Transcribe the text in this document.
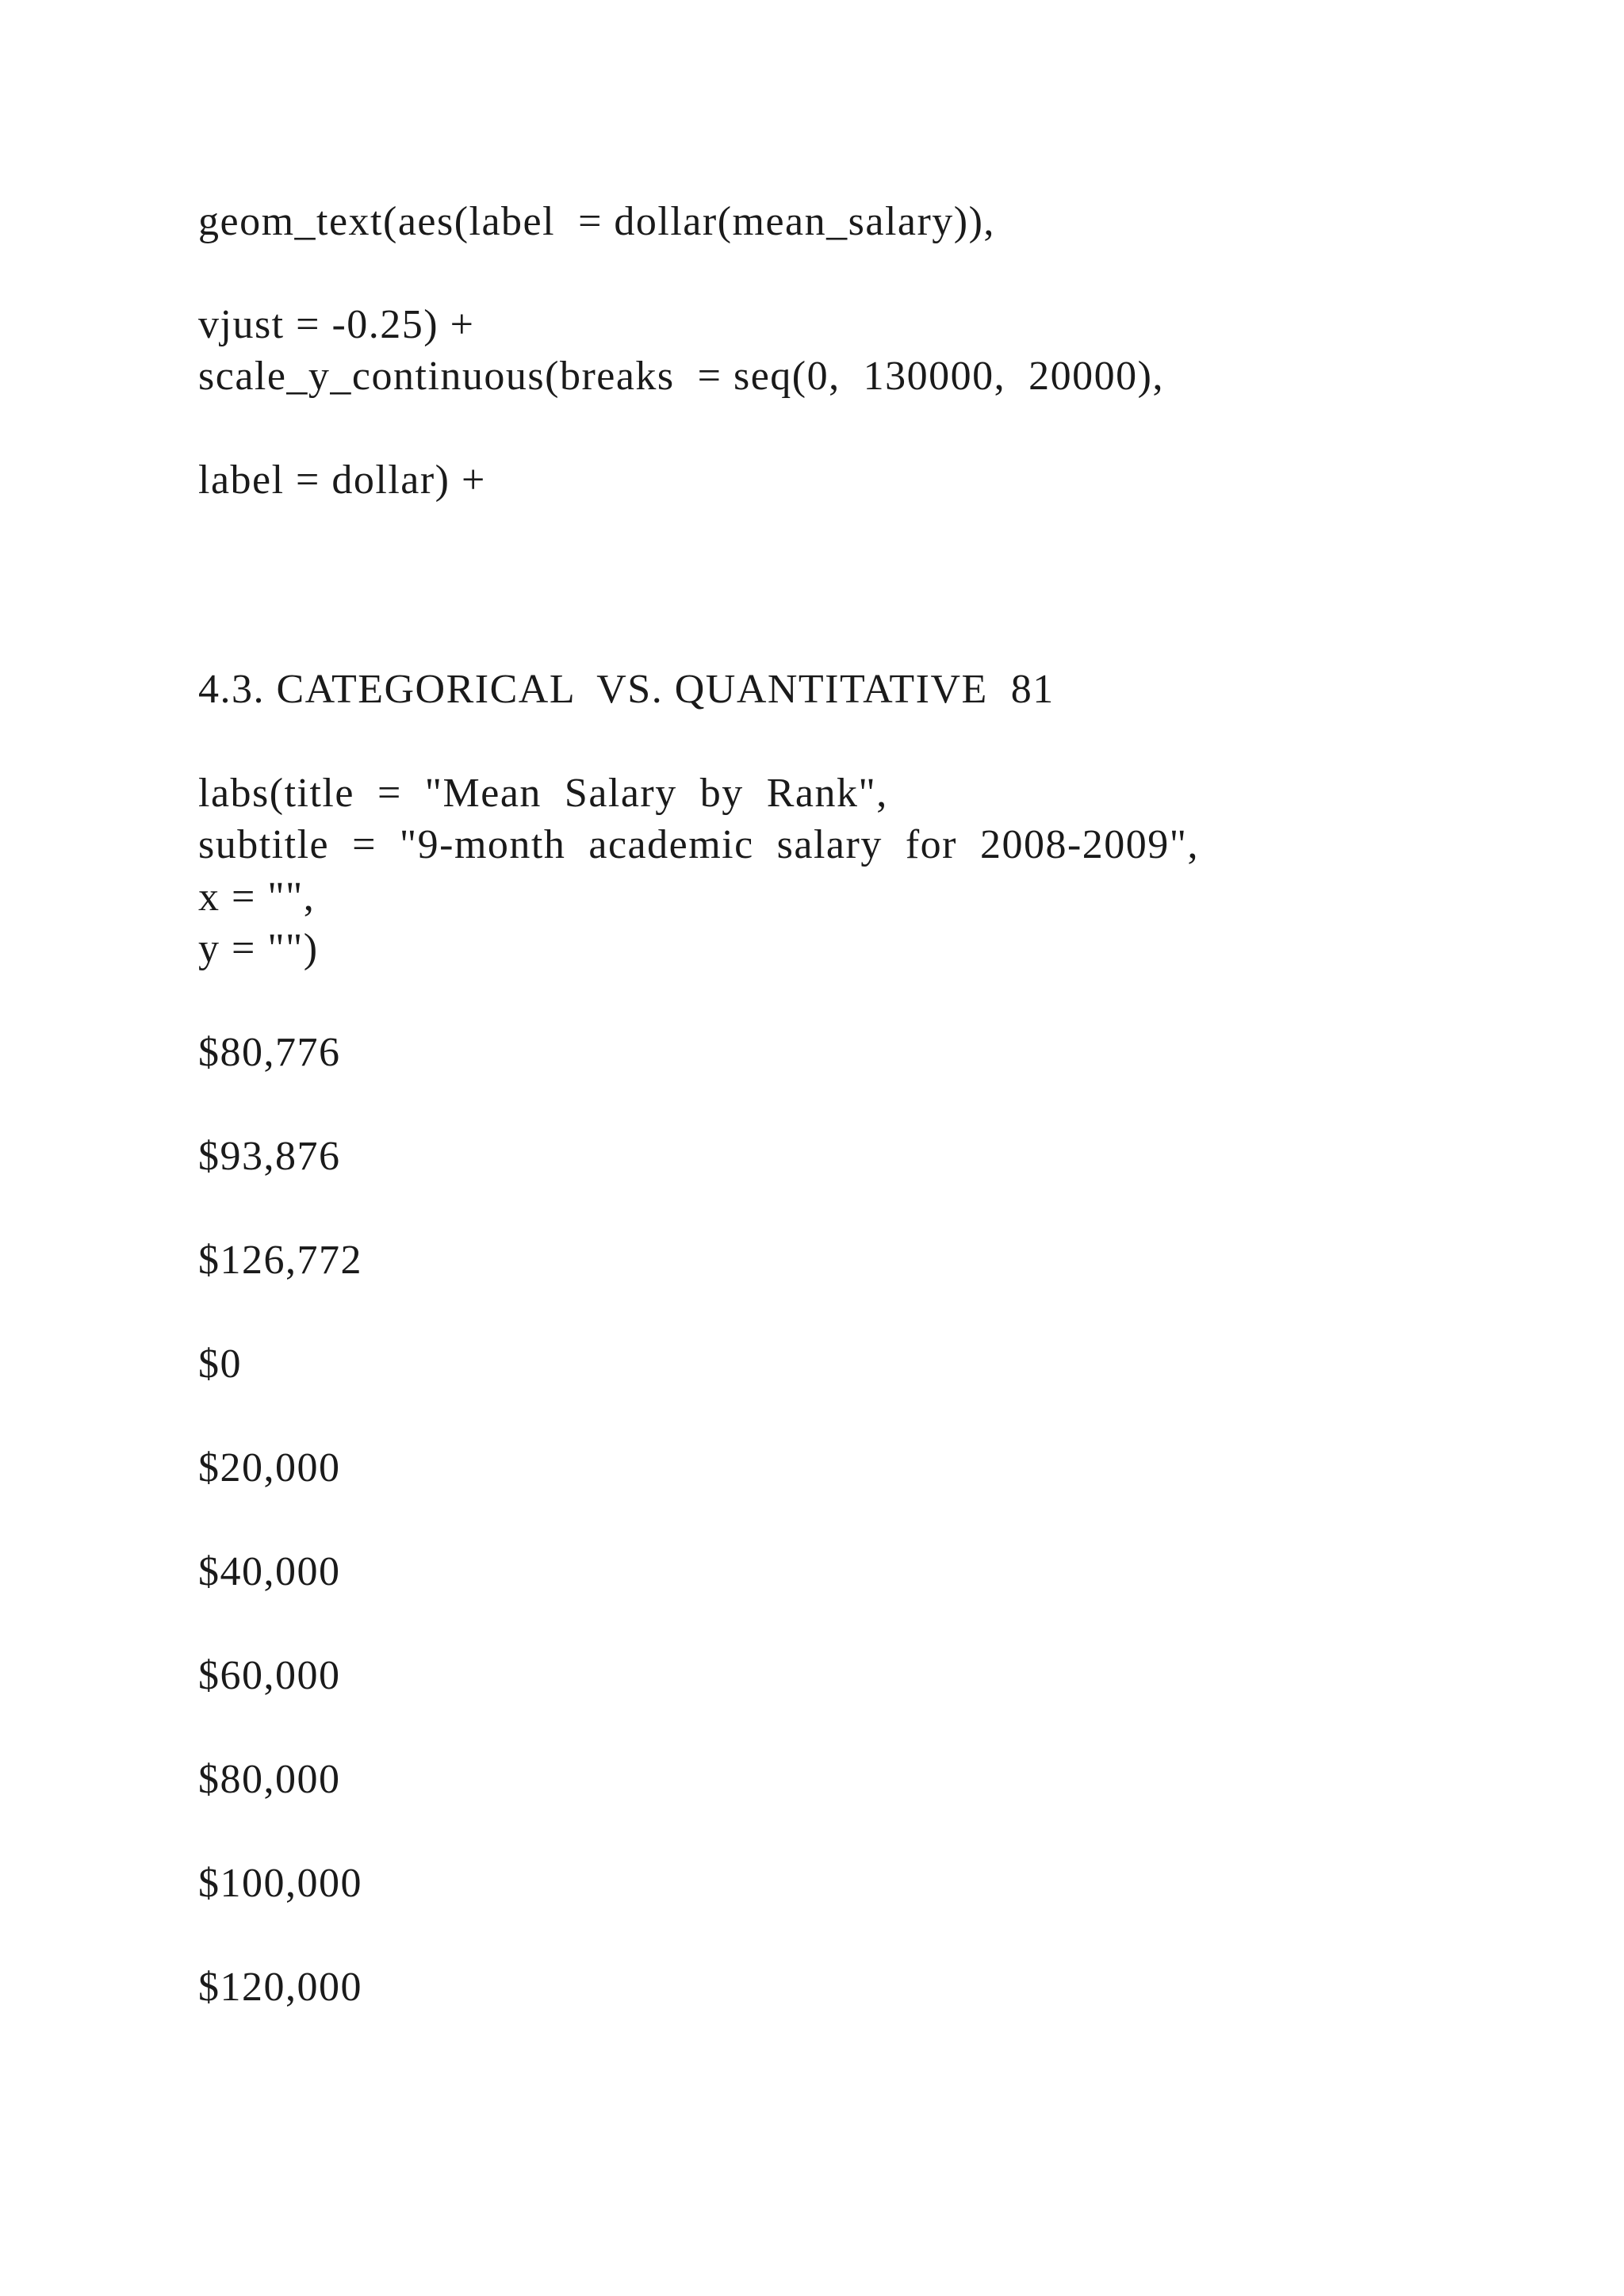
geom_text(aes(label  = dollar(mean_salary)),

vjust = -0.25) +

scale_y_continuous(breaks  = seq(0,  130000,  20000),

label = dollar) +

4.3. CATEGORICAL  VS. QUANTITATIVE  81

labs(title  =  "Mean  Salary  by  Rank",

subtitle  =  "9-month  academic  salary  for  2008-2009",

x = "",

y = "")

$80,776

$93,876

$126,772

$0

$20,000

$40,000

$60,000

$80,000

$100,000

$120,000
